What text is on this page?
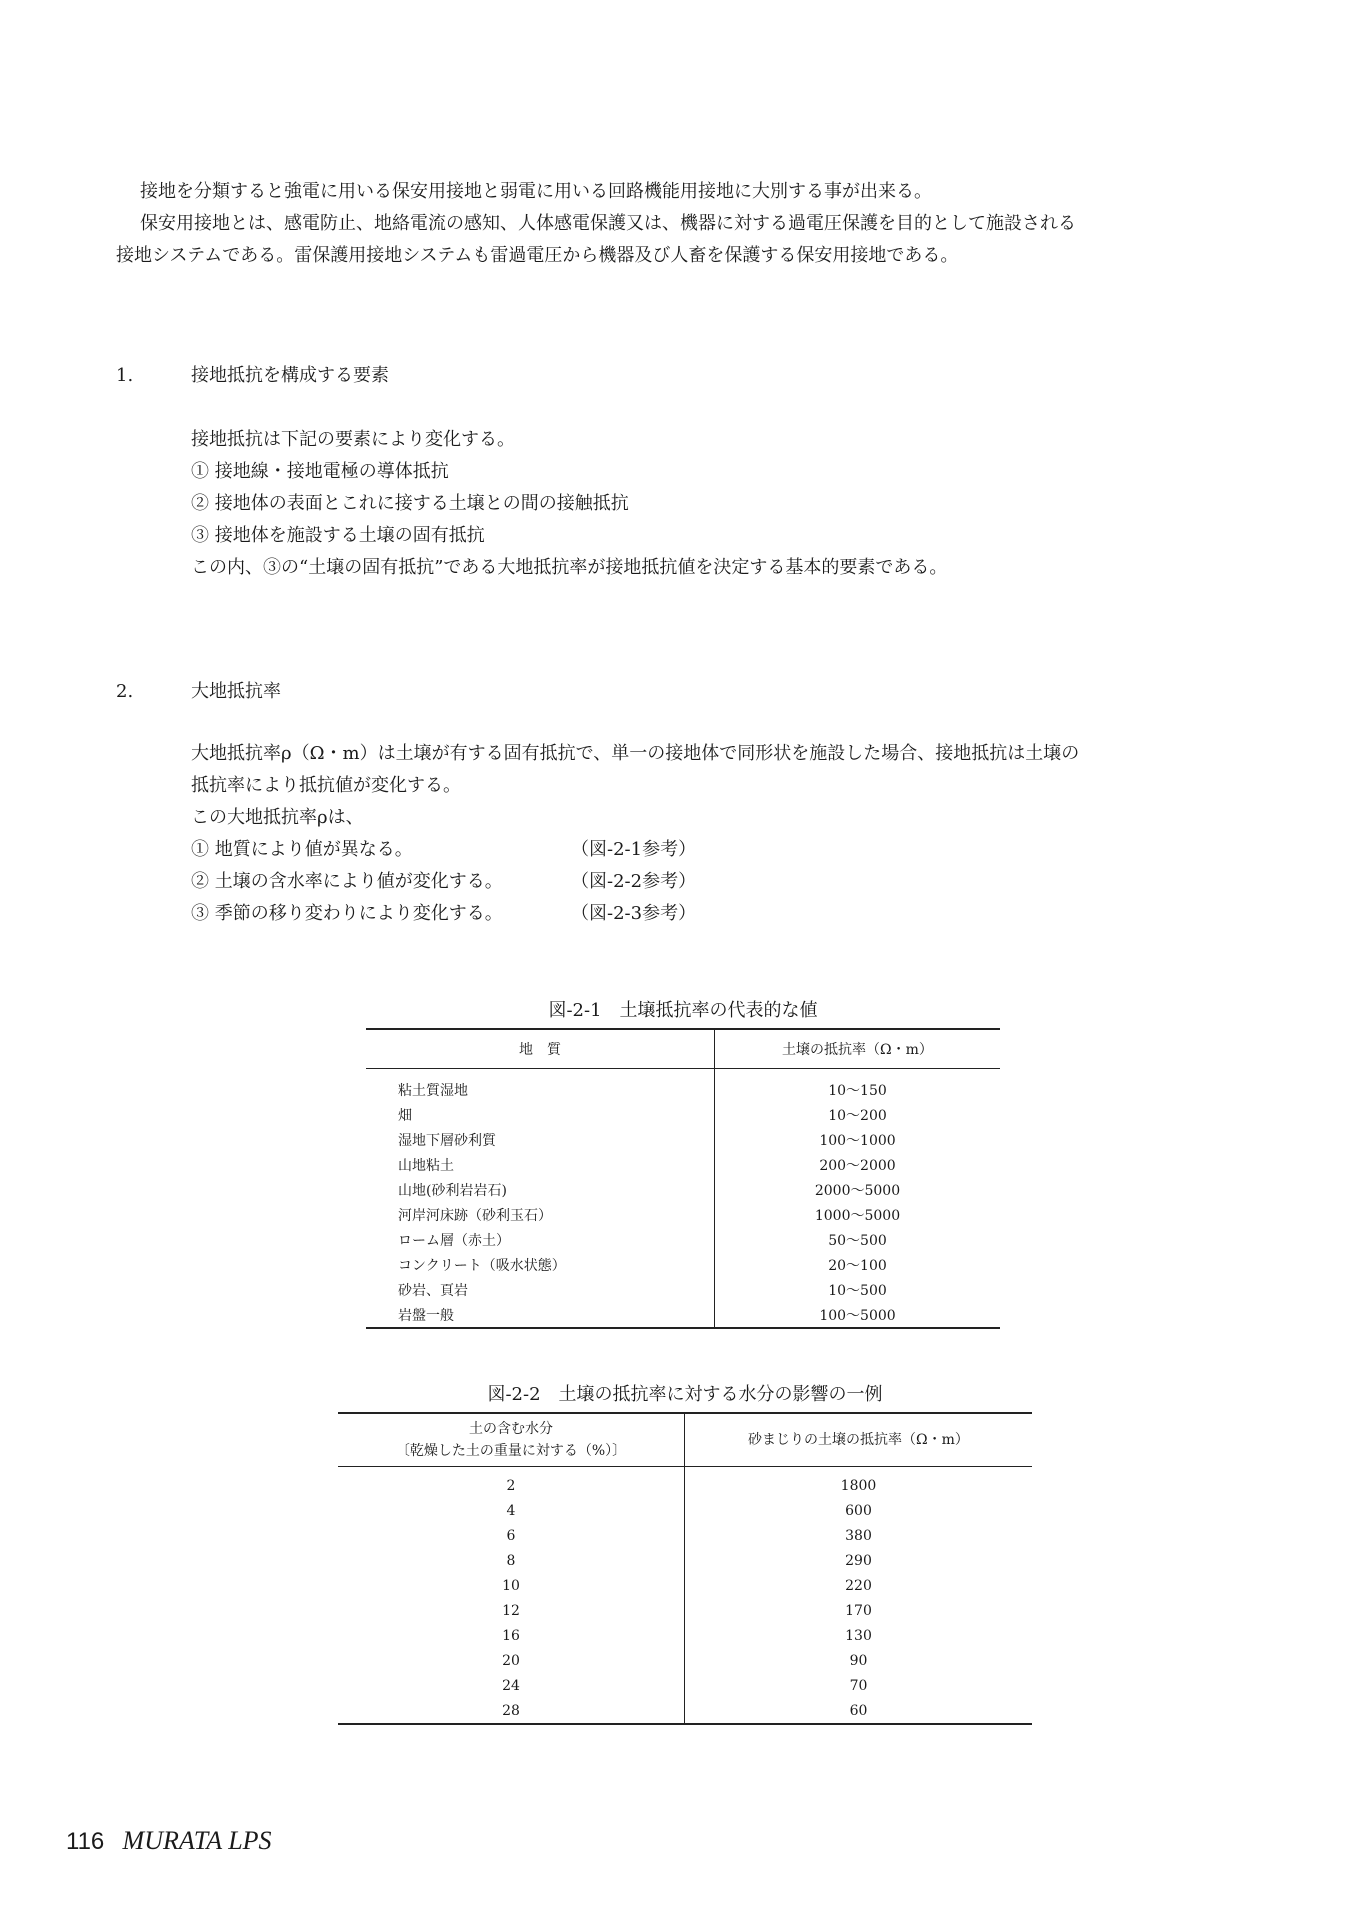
接地を分類すると強電に用いる保安用接地と弱電に用いる回路機能用接地に大別する事が出来る。
保安用接地とは、感電防止、地絡電流の感知、人体感電保護又は、機器に対する過電圧保護を目的として施設される
接地システムである。雷保護用接地システムも雷過電圧から機器及び人畜を保護する保安用接地である。
1.	接地抵抗を構成する要素
接地抵抗は下記の要素により変化する。
① 接地線・接地電極の導体抵抗
② 接地体の表面とこれに接する土壌との間の接触抵抗
③ 接地体を施設する土壌の固有抵抗
この内、③の“土壌の固有抵抗”である大地抵抗率が接地抵抗値を決定する基本的要素である。
2.	大地抵抗率
大地抵抗率ρ（Ω・m）は土壌が有する固有抵抗で、単一の接地体で同形状を施設した場合、接地抵抗は土壌の
抵抗率により抵抗値が変化する。
この大地抵抗率ρは、
① 地質により値が異なる。	（図-2-1参考）
② 土壌の含水率により値が変化する。	（図-2-2参考）
③ 季節の移り変わりにより変化する。	（図-2-3参考）
図-2-1　土壌抵抗率の代表的な値
地　質	土壌の抵抗率（Ω・m）
粘土質湿地	10〜150
畑	10〜200
湿地下層砂利質	100〜1000
山地粘土	200〜2000
山地(砂利岩岩石)	2000〜5000
河岸河床跡（砂利玉石）	1000〜5000
ローム層（赤土）	50〜500
コンクリート（吸水状態）	20〜100
砂岩、頁岩	10〜500
岩盤一般	100〜5000
図-2-2　土壌の抵抗率に対する水分の影響の一例
土の含む水分
〔乾燥した土の重量に対する（%）〕	砂まじりの土壌の抵抗率（Ω・m）
2	1800
4	600
6	380
8	290
10	220
12	170
16	130
20	90
24	70
28	60
116 MURATA LPS
